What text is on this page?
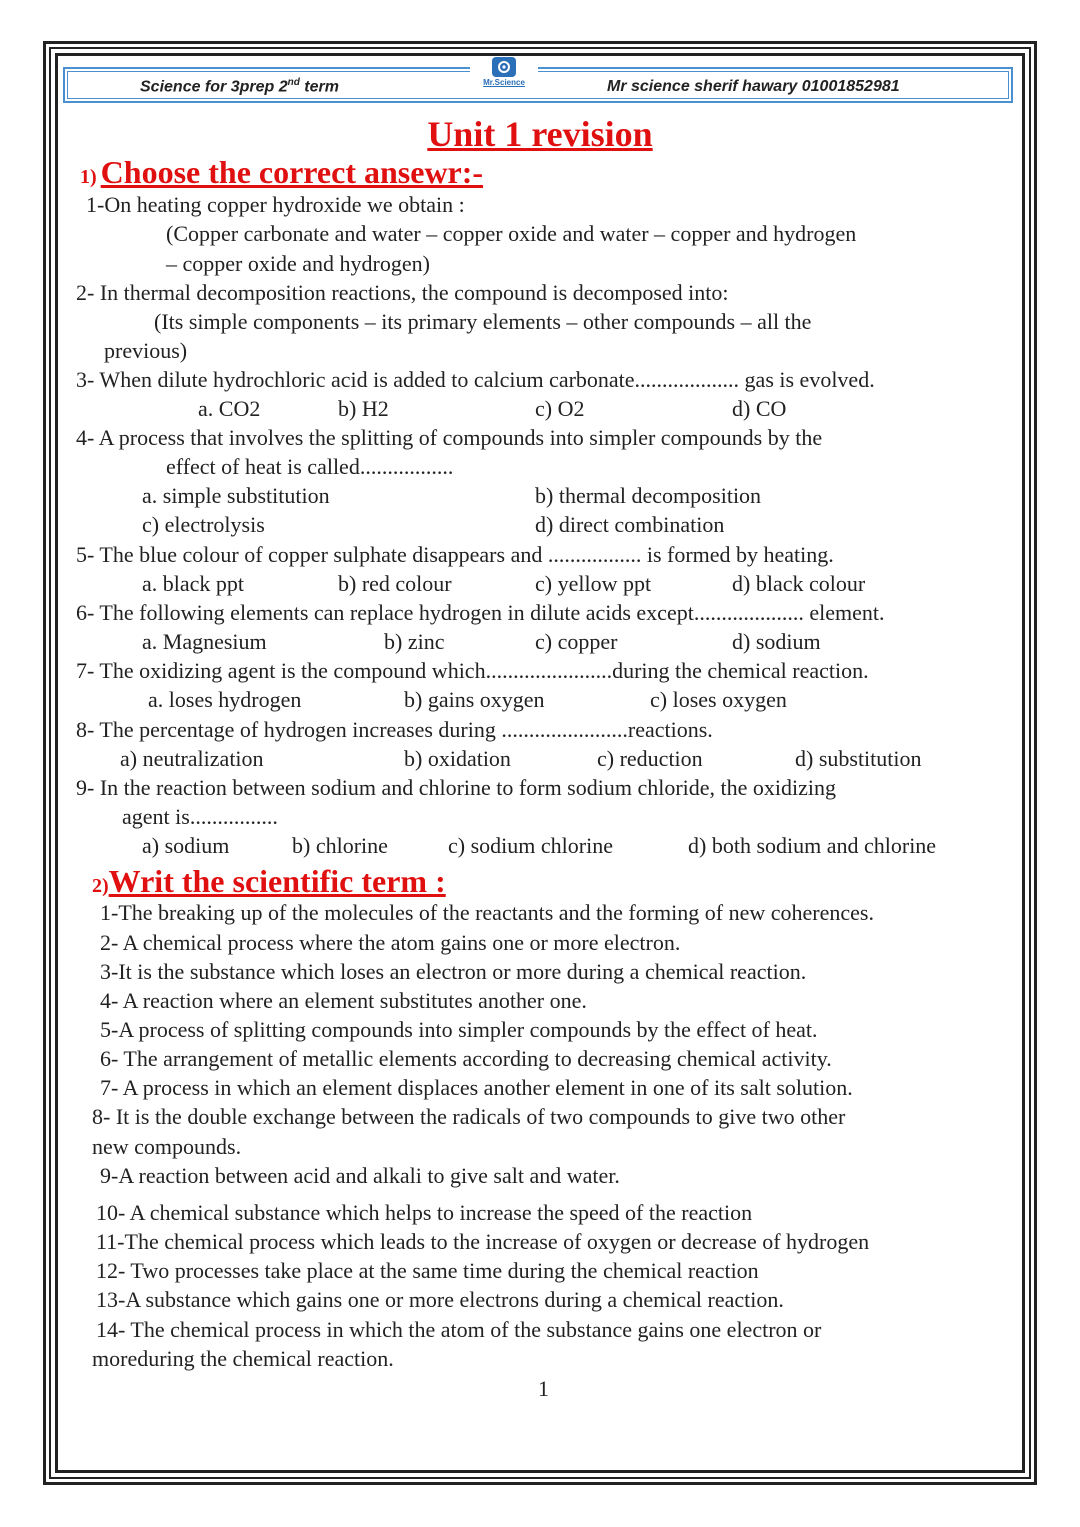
Science for 3prep 2nd term	Mr.Science	Mr science sherif hawary 01001852981
Unit 1 revision
1) Choose the correct ansewr:-
1-On heating copper hydroxide we obtain :
(Copper carbonate and water – copper oxide and water – copper and hydrogen
– copper oxide and hydrogen)
2- In thermal decomposition reactions, the compound is decomposed into:
(Its simple components – its primary elements – other compounds – all the
previous)
3- When dilute hydrochloric acid is added to calcium carbonate................... gas is evolved.
a. CO2	b) H2	c) O2	d) CO
4- A process that involves the splitting of compounds into simpler compounds by the
effect of heat is called.................
a. simple substitution	b) thermal decomposition
c) electrolysis	d) direct combination
5- The blue colour of copper sulphate disappears and ................. is formed by heating.
a. black ppt	b) red colour	c) yellow ppt	d) black colour
6- The following elements can replace hydrogen in dilute acids except.................... element.
a. Magnesium	b) zinc	c) copper	d) sodium
7- The oxidizing agent is the compound which.......................during the chemical reaction.
a. loses hydrogen	b) gains oxygen	c) loses oxygen
8- The percentage of hydrogen increases during .......................reactions.
a) neutralization	b) oxidation	c) reduction	d) substitution
9- In the reaction between sodium and chlorine to form sodium chloride, the oxidizing
agent is................
a) sodium	b) chlorine	c) sodium chlorine	d) both sodium and chlorine
2)Writ the scientific term :
1-The breaking up of the molecules of the reactants and the forming of new coherences.
2- A chemical process where the atom gains one or more electron.
3-It is the substance which loses an electron or more during a chemical reaction.
4- A reaction where an element substitutes another one.
5-A process of splitting compounds into simpler compounds by the effect of heat.
6- The arrangement of metallic elements according to decreasing chemical activity.
7- A process in which an element displaces another element in one of its salt solution.
8- It is the double exchange between the radicals of two compounds to give two other
new compounds.
9-A reaction between acid and alkali to give salt and water.
10- A chemical substance which helps to increase the speed of the reaction
11-The chemical process which leads to the increase of oxygen or decrease of hydrogen
12- Two processes take place at the same time during the chemical reaction
13-A substance which gains one or more electrons during a chemical reaction.
14- The chemical process in which the atom of the substance gains one electron or
moreduring the chemical reaction.
1
